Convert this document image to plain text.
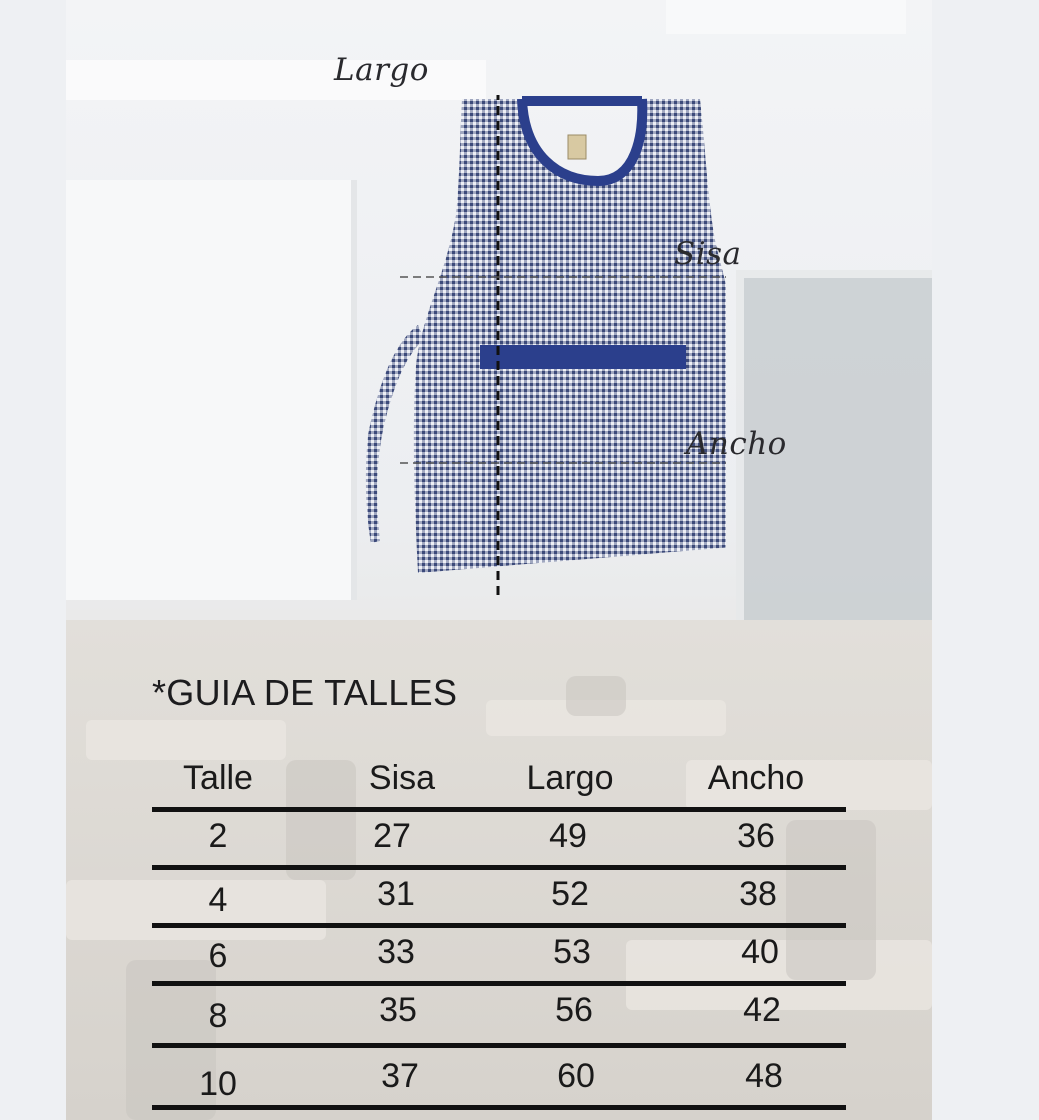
Largo
Sisa
Ancho
*GUIA DE TALLES
Talle	Sisa	Largo	Ancho
2	27	49	36
4	31	52	38
6	33	53	40
8	35	56	42
10	37	60	48
